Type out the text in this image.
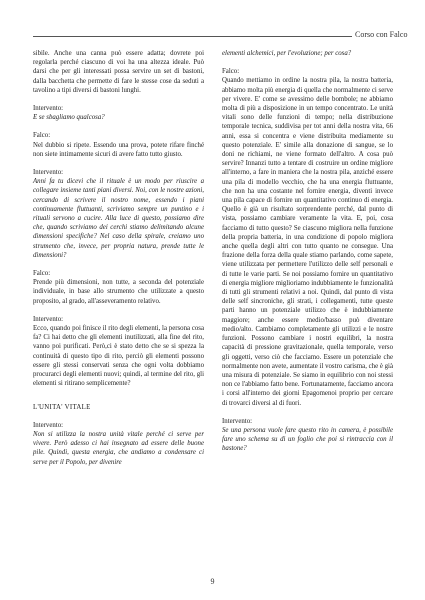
Corso con Falco

sibile. Anche una canna può essere adatta; dovrete poi regolarla perché ciascuno di voi ha una altezza ideale. Può darsi che per gli interessati possa servire un set di bastoni, dalla bacchetta che permette di fare le stesse cose da seduti a tavolino a tipi diversi di bastoni lunghi.

Intervento:

E se sbagliamo qualcosa?

Falco:

Nel dubbio si ripete. Essendo una prova, potete rifare finché non siete intimamente sicuri di avere fatto tutto giusto.

Intervento:

Anni fa tu dicevi che il rituale è un modo per riuscire a collegare insieme tanti piani diversi. Noi, con le nostre azioni, cercando di scrivere il nostro nome, essendo i piani continuamente fluttuanti, scriviamo sempre un puntino e i rituali servono a cucire. Alla luce di questo, possiamo dire che, quando scriviamo dei cerchi stiamo delimitando alcune dimensioni specifiche? Nel caso della spirale, creiamo uno strumento che, invece, per propria natura, prende tutte le dimensioni?

Falco:

Prende più dimensioni, non tutte, a seconda del potenziale individuale, in base allo strumento che utilizzate a questo proposito, al grado, all'asseveramento relativo.

Intervento:

Ecco, quando poi finisce il rito degli elementi, la persona cosa fa? Ci hai detto che gli elementi inutilizzati, alla fine del rito, vanno poi purificati. Però,ci è stato detto che se si spezza la continuità di questo tipo di rito, perciò gli elementi possono essere gli stessi conservati senza che ogni volta dobbiamo procurarci degli elementi nuovi; quindi, al termine del rito, gli elementi si ritirano semplicemente?

L'UNITA' VITALE

Intervento:

Non si utilizza la nostra unità vitale perché ci serve per vivere. Però adesso ci hai insegnato ad essere delle buone pile. Quindi, questa energia, che andiamo a condensare ci serve per il Popolo, per divenire

elementi alchemici, per l'evoluzione; per cosa?

Falco:

Quando mettiamo in ordine la nostra pila, la nostra batteria, abbiamo molta più energia di quella che normalmente ci serve per vivere. E' come se avessimo delle bombole; ne abbiamo molta di più a disposizione in un tempo concentrato. Le unità vitali sono delle funzioni di tempo; nella distribuzione temporale tecnica, suddivisa per tot anni della nostra vita, 66 anni, essa si concentra e viene distribuita mediamente su questo potenziale. E' simile alla donazione di sangue, se lo doni ne richiami, ne viene formato dell'altro. A cosa può servire? Innanzi tutto a tentare di costruire un ordine migliore all'interno, a fare in maniera che la nostra pila, anziché essere una pila di modello vecchio, che ha una energia fluttuante, che non ha una costante nel fornire energia, diventi invece una pila capace di fornire un quantitativo continuo di energia. Quello è già un risultato sorprendente perché, dal punto di vista, possiamo cambiare veramente la vita. E, poi, cosa facciamo di tutto questo? Se ciascuno migliora nella funzione della propria batteria, in una condizione di popolo migliora anche quella degli altri con tutto quanto ne consegue. Una frazione della forza della quale stiamo parlando, come sapete, viene utilizzata per permettere l'utilizzo delle self personali e di tutte le varie parti. Se noi possiamo fornire un quantitativo di energia migliore miglioriamo indubbiamente le funzionalità di tutti gli strumenti relativi a noi. Quindi, dal punto di vista delle self sincroniche, gli strati, i collegamenti, tutte queste parti hanno un potenziale utilizzo che è indubbiamente maggiore; anche essere medio/basso può diventare medio/alto. Cambiamo completamente gli utilizzi e le nostre funzioni. Possono cambiare i nostri equilibri, la nostra capacità di pressione gravitazionale, quella temporale, verso gli oggetti, verso ciò che facciamo. Essere un potenziale che normalmente non avete, aumentate il vostro carisma, che è già una misura di potenziale. Se siamo in equilibrio con noi stessi non ce l'abbiamo fatto bene. Fortunatamente, facciamo ancora i corsi all'interno dei giorni Epagomenoi proprio per cercare di trovarci diversi al di fuori.

Intervento:

Se una persona vuole fare questo rito in camera, è possibile fare uno schema su di un foglio che poi si rintraccia con il bastone?

9
